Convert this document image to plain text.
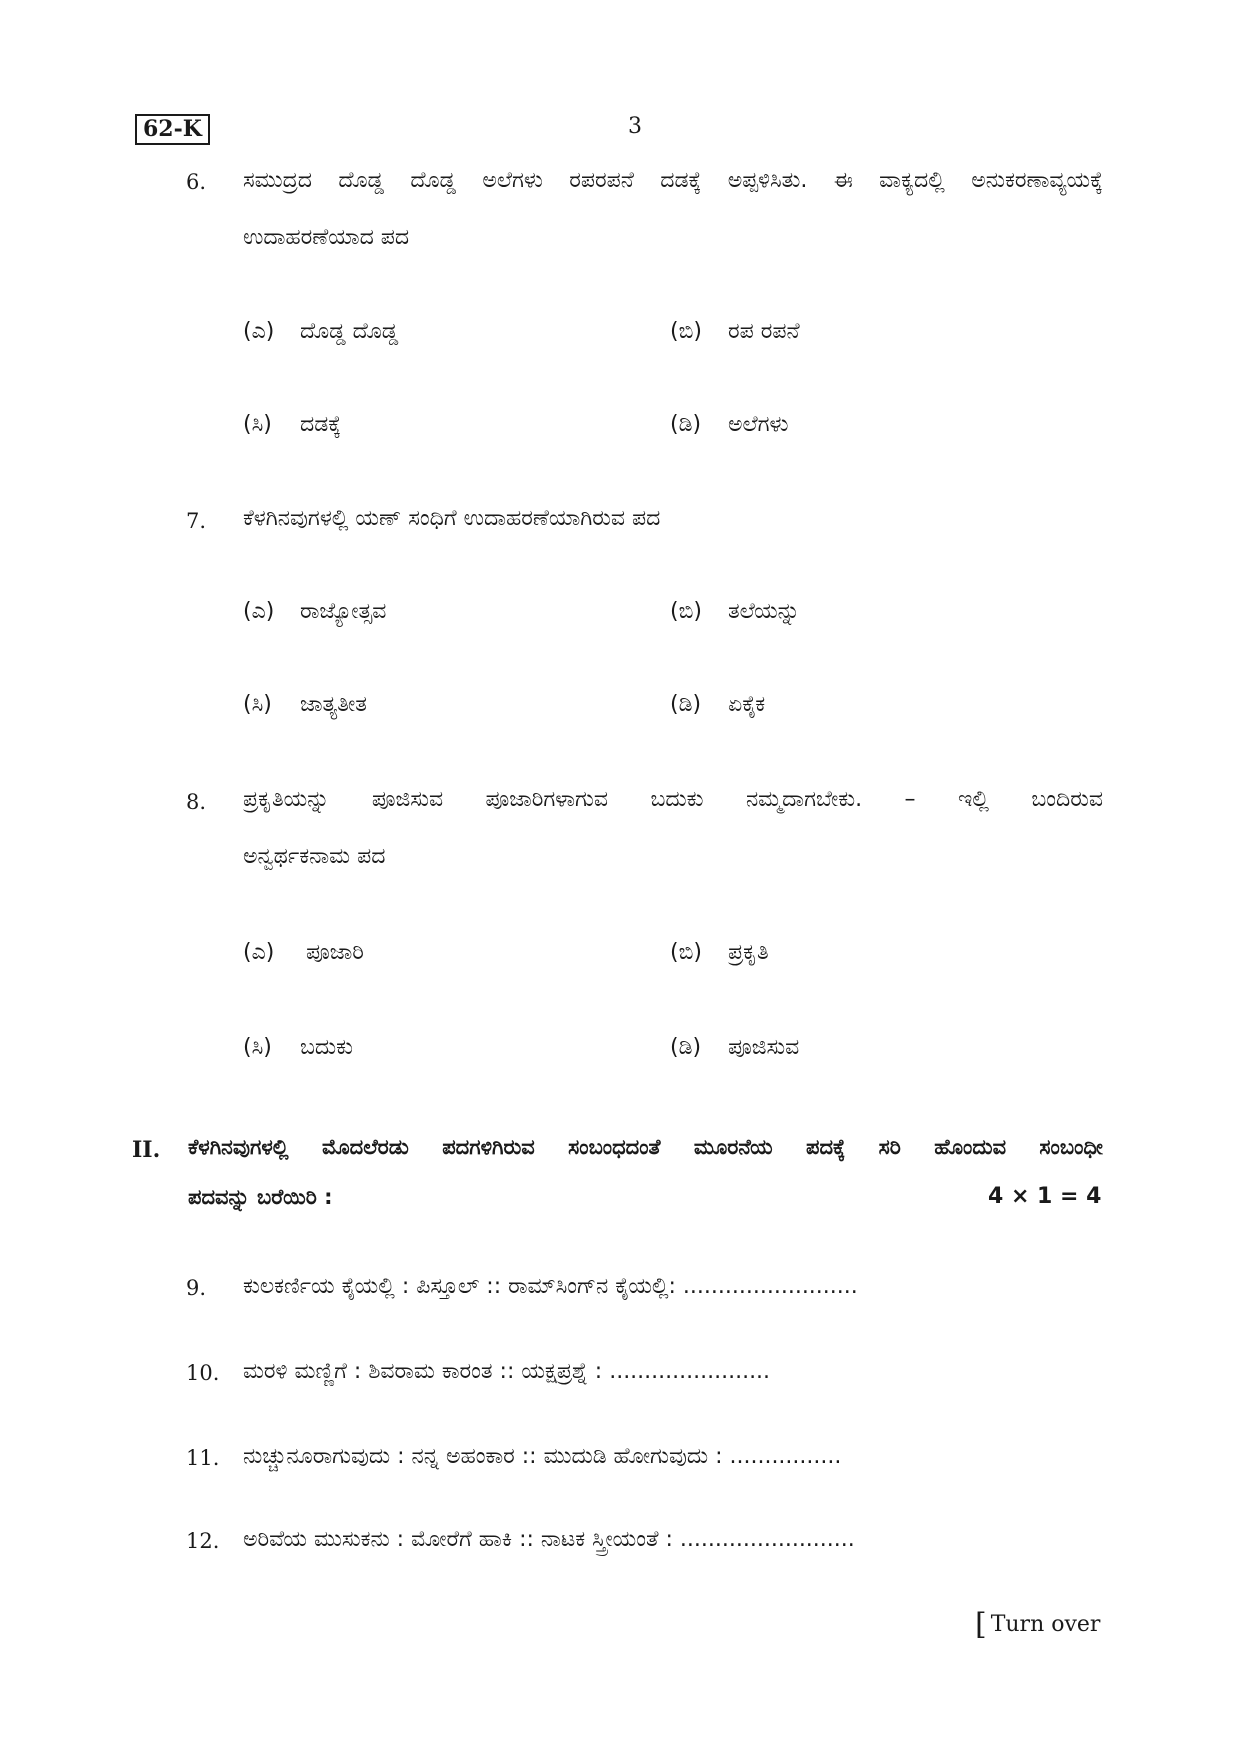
62-K	3
6. ಸಮುದ್ರದ ದೊಡ್ಡ ದೊಡ್ಡ ಅಲೆಗಳು ರಪರಪನೆ ದಡಕ್ಕೆ ಅಪ್ಪಳಿಸಿತು. ಈ ವಾಕ್ಯದಲ್ಲಿ ಅನುಕರಣಾವ್ಯಯಕ್ಕೆ
ಉದಾಹರಣೆಯಾದ ಪದ
(ಎ) ದೊಡ್ಡ ದೊಡ್ಡ	(ಬಿ) ರಪ ರಪನೆ
(ಸಿ) ದಡಕ್ಕೆ	(ಡಿ) ಅಲೆಗಳು
7. ಕೆಳಗಿನವುಗಳಲ್ಲಿ ಯಣ್ ಸಂಧಿಗೆ ಉದಾಹರಣೆಯಾಗಿರುವ ಪದ
(ಎ) ರಾಜ್ಯೋತ್ಸವ	(ಬಿ) ತಲೆಯನ್ನು
(ಸಿ) ಜಾತ್ಯತೀತ	(ಡಿ) ಏಕೈಕ
8. ಪ್ರಕೃತಿಯನ್ನು ಪೂಜಿಸುವ ಪೂಜಾರಿಗಳಾಗುವ ಬದುಕು ನಮ್ಮದಾಗಬೇಕು. – ಇಲ್ಲಿ ಬಂದಿರುವ
ಅನ್ವರ್ಥಕನಾಮ ಪದ
(ಎ) ಪೂಜಾರಿ	(ಬಿ) ಪ್ರಕೃತಿ
(ಸಿ) ಬದುಕು	(ಡಿ) ಪೂಜಿಸುವ
II. ಕೆಳಗಿನವುಗಳಲ್ಲಿ ಮೊದಲೆರಡು ಪದಗಳಿಗಿರುವ ಸಂಬಂಧದಂತೆ ಮೂರನೆಯ ಪದಕ್ಕೆ ಸರಿ ಹೊಂದುವ ಸಂಬಂಧೀ
ಪದವನ್ನು ಬರೆಯಿರಿ :	4 × 1 = 4
9. ಕುಲಕರ್ಣಿಯ ಕೈಯಲ್ಲಿ : ಪಿಸ್ತೂಲ್ :: ರಾಮ್‌ಸಿಂಗ್‌ನ ಕೈಯಲ್ಲಿ: .........................
10. ಮರಳಿ ಮಣ್ಣಿಗೆ : ಶಿವರಾಮ ಕಾರಂತ :: ಯಕ್ಷಪ್ರಶ್ನೆ : .......................
11. ನುಚ್ಚುನೂರಾಗುವುದು : ನನ್ನ ಅಹಂಕಾರ :: ಮುದುಡಿ ಹೋಗುವುದು : ................
12. ಅರಿವೆಯ ಮುಸುಕನು : ಮೋರೆಗೆ ಹಾಕಿ :: ನಾಟಕ ಸ್ತ್ರೀಯಂತೆ : .........................
[ Turn over
